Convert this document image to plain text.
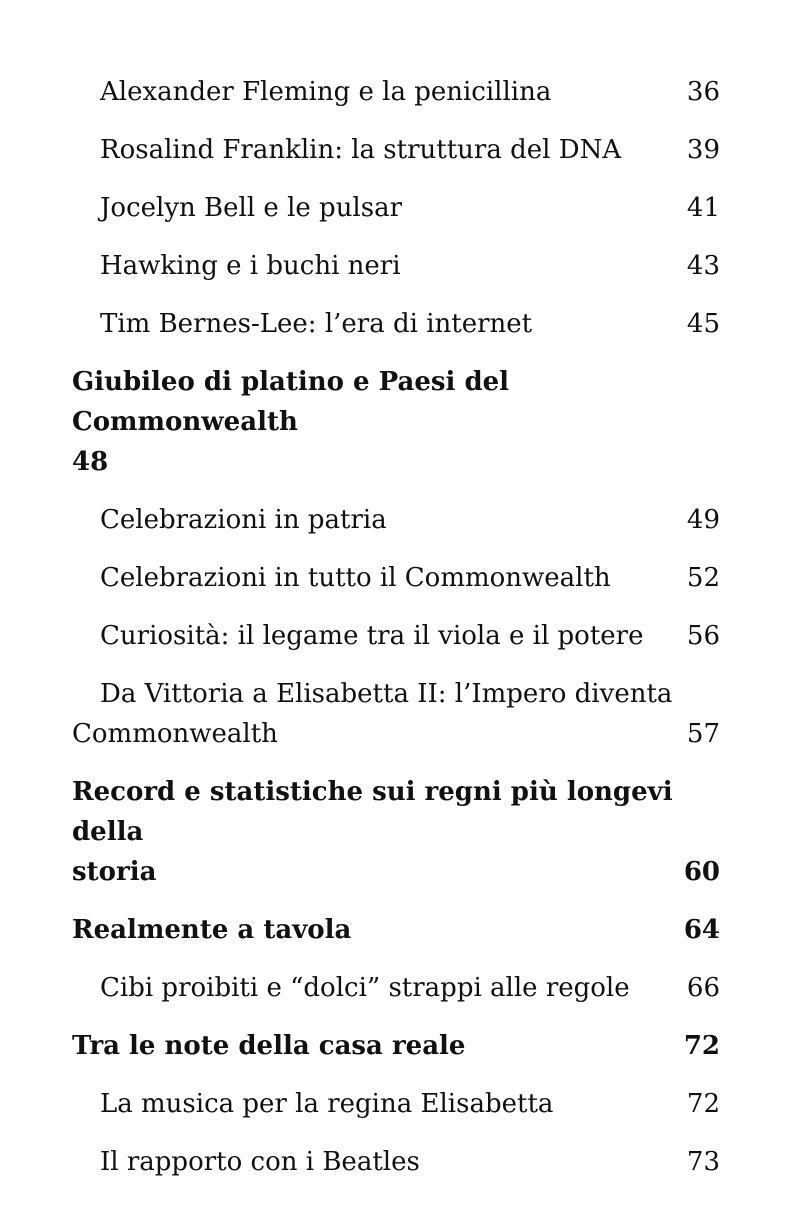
Alexander Fleming e la penicillina	36
Rosalind Franklin: la struttura del DNA	39
Jocelyn Bell e le pulsar	41
Hawking e i buchi neri	43
Tim Bernes-Lee: l’era di internet	45
Giubileo di platino e Paesi del Commonwealth
48
Celebrazioni in patria	49
Celebrazioni in tutto il Commonwealth	52
Curiosità: il legame tra il viola e il potere 56
Da Vittoria a Elisabetta II: l’Impero diventa
Commonwealth	57
Record e statistiche sui regni più longevi della
storia	60
Realmente a tavola	64
Cibi proibiti e “dolci” strappi alle regole 66
Tra le note della casa reale	72
La musica per la regina Elisabetta	72
Il rapporto con i Beatles	73
